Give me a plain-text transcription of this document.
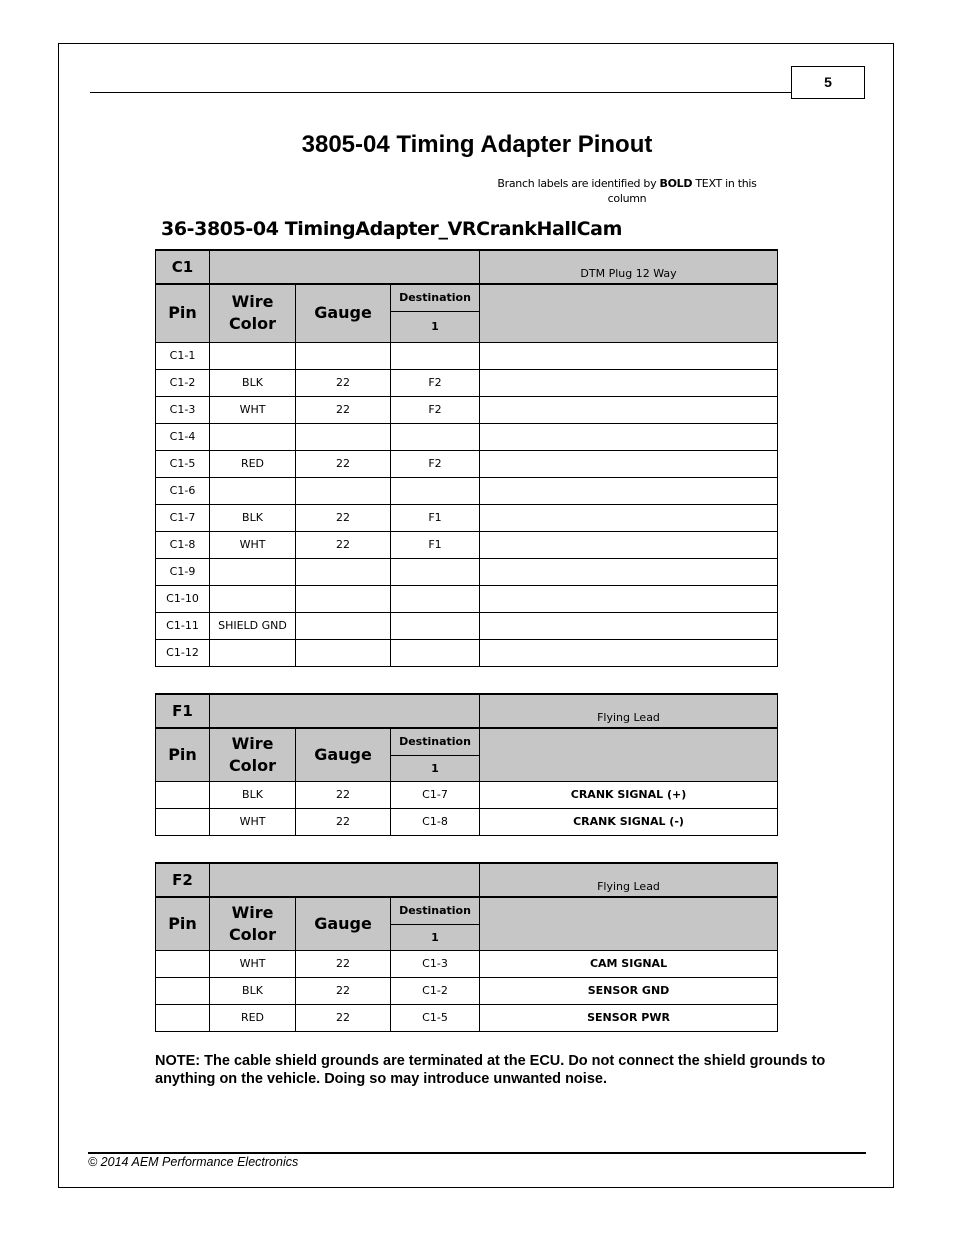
5
3805-04 Timing Adapter Pinout
Branch labels are identified by BOLD TEXT in this column
36-3805-04 TimingAdapter_VRCrankHallCam
C1				DTM Plug 12 Way
Pin	Wire Color	Gauge	Destination	
			1	
C1-1				
C1-2	BLK	22	F2	
C1-3	WHT	22	F2	
C1-4				
C1-5	RED	22	F2	
C1-6				
C1-7	BLK	22	F1	
C1-8	WHT	22	F1	
C1-9				
C1-10				
C1-11	SHIELD GND			
C1-12				
F1				Flying Lead
Pin	Wire Color	Gauge	Destination	
			1	
	BLK	22	C1-7	CRANK SIGNAL (+)
	WHT	22	C1-8	CRANK SIGNAL (-)
F2				Flying Lead
Pin	Wire Color	Gauge	Destination	
			1	
	WHT	22	C1-3	CAM SIGNAL
	BLK	22	C1-2	SENSOR GND
	RED	22	C1-5	SENSOR PWR
NOTE: The cable shield grounds are terminated at the ECU. Do not connect the shield grounds to anything on the vehicle. Doing so may introduce unwanted noise.
© 2014 AEM Performance Electronics
